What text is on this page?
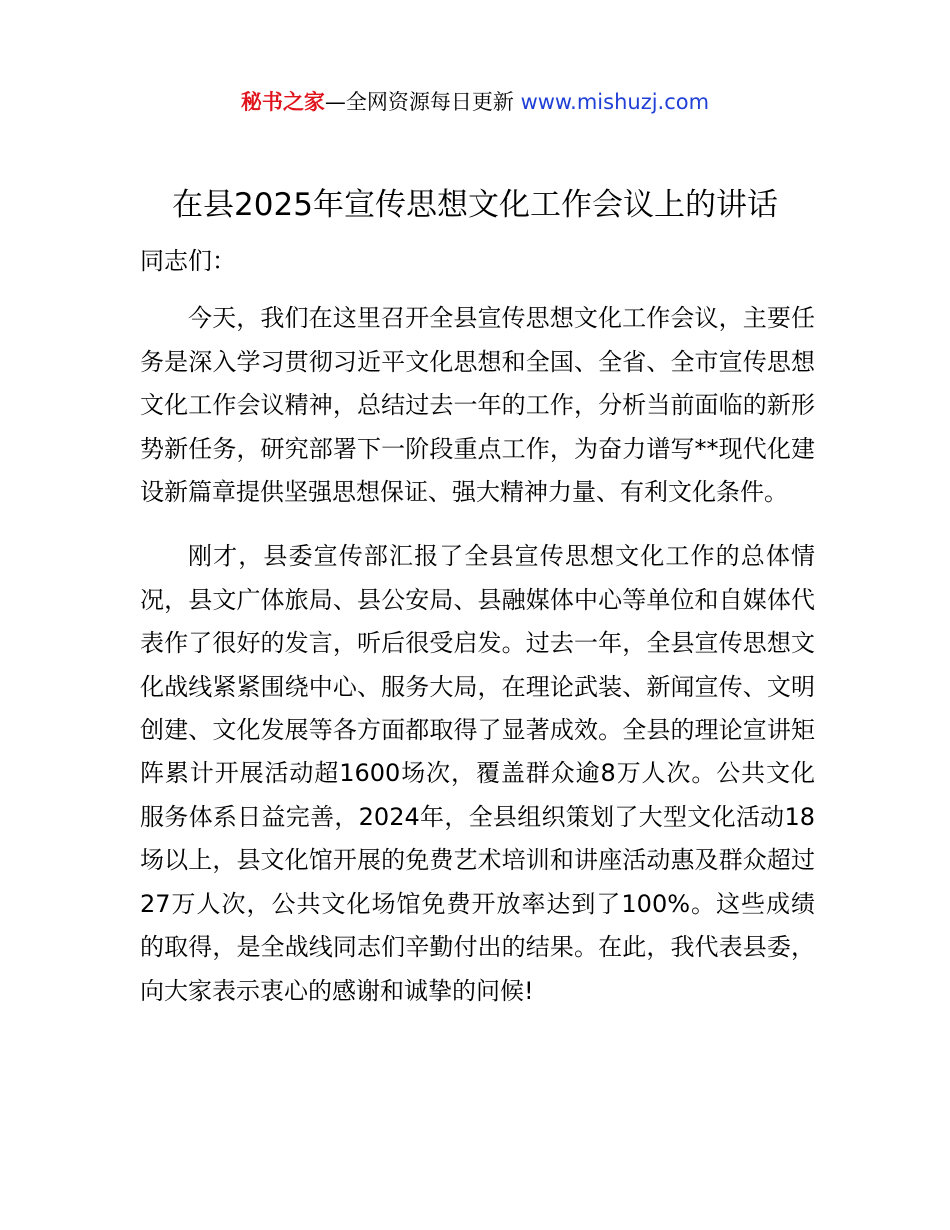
秘书之家—全网资源每日更新 www.mishuzj.com
在县2025年宣传思想文化工作会议上的讲话

同志们：

今天，我们在这里召开全县宣传思想文化工作会议，主要任务是深入学习贯彻习近平文化思想和全国、全省、全市宣传思想文化工作会议精神，总结过去一年的工作，分析当前面临的新形势新任务，研究部署下一阶段重点工作，为奋力谱写**现代化建设新篇章提供坚强思想保证、强大精神力量、有利文化条件。

刚才，县委宣传部汇报了全县宣传思想文化工作的总体情况，县文广体旅局、县公安局、县融媒体中心等单位和自媒体代表作了很好的发言，听后很受启发。过去一年，全县宣传思想文化战线紧紧围绕中心、服务大局，在理论武装、新闻宣传、文明创建、文化发展等各方面都取得了显著成效。全县的理论宣讲矩阵累计开展活动超1600场次，覆盖群众逾8万人次。公共文化服务体系日益完善，2024年，全县组织策划了大型文化活动18场以上，县文化馆开展的免费艺术培训和讲座活动惠及群众超过27万人次，公共文化场馆免费开放率达到了100%。这些成绩的取得，是全战线同志们辛勤付出的结果。在此，我代表县委，向大家表示衷心的感谢和诚挚的问候!
